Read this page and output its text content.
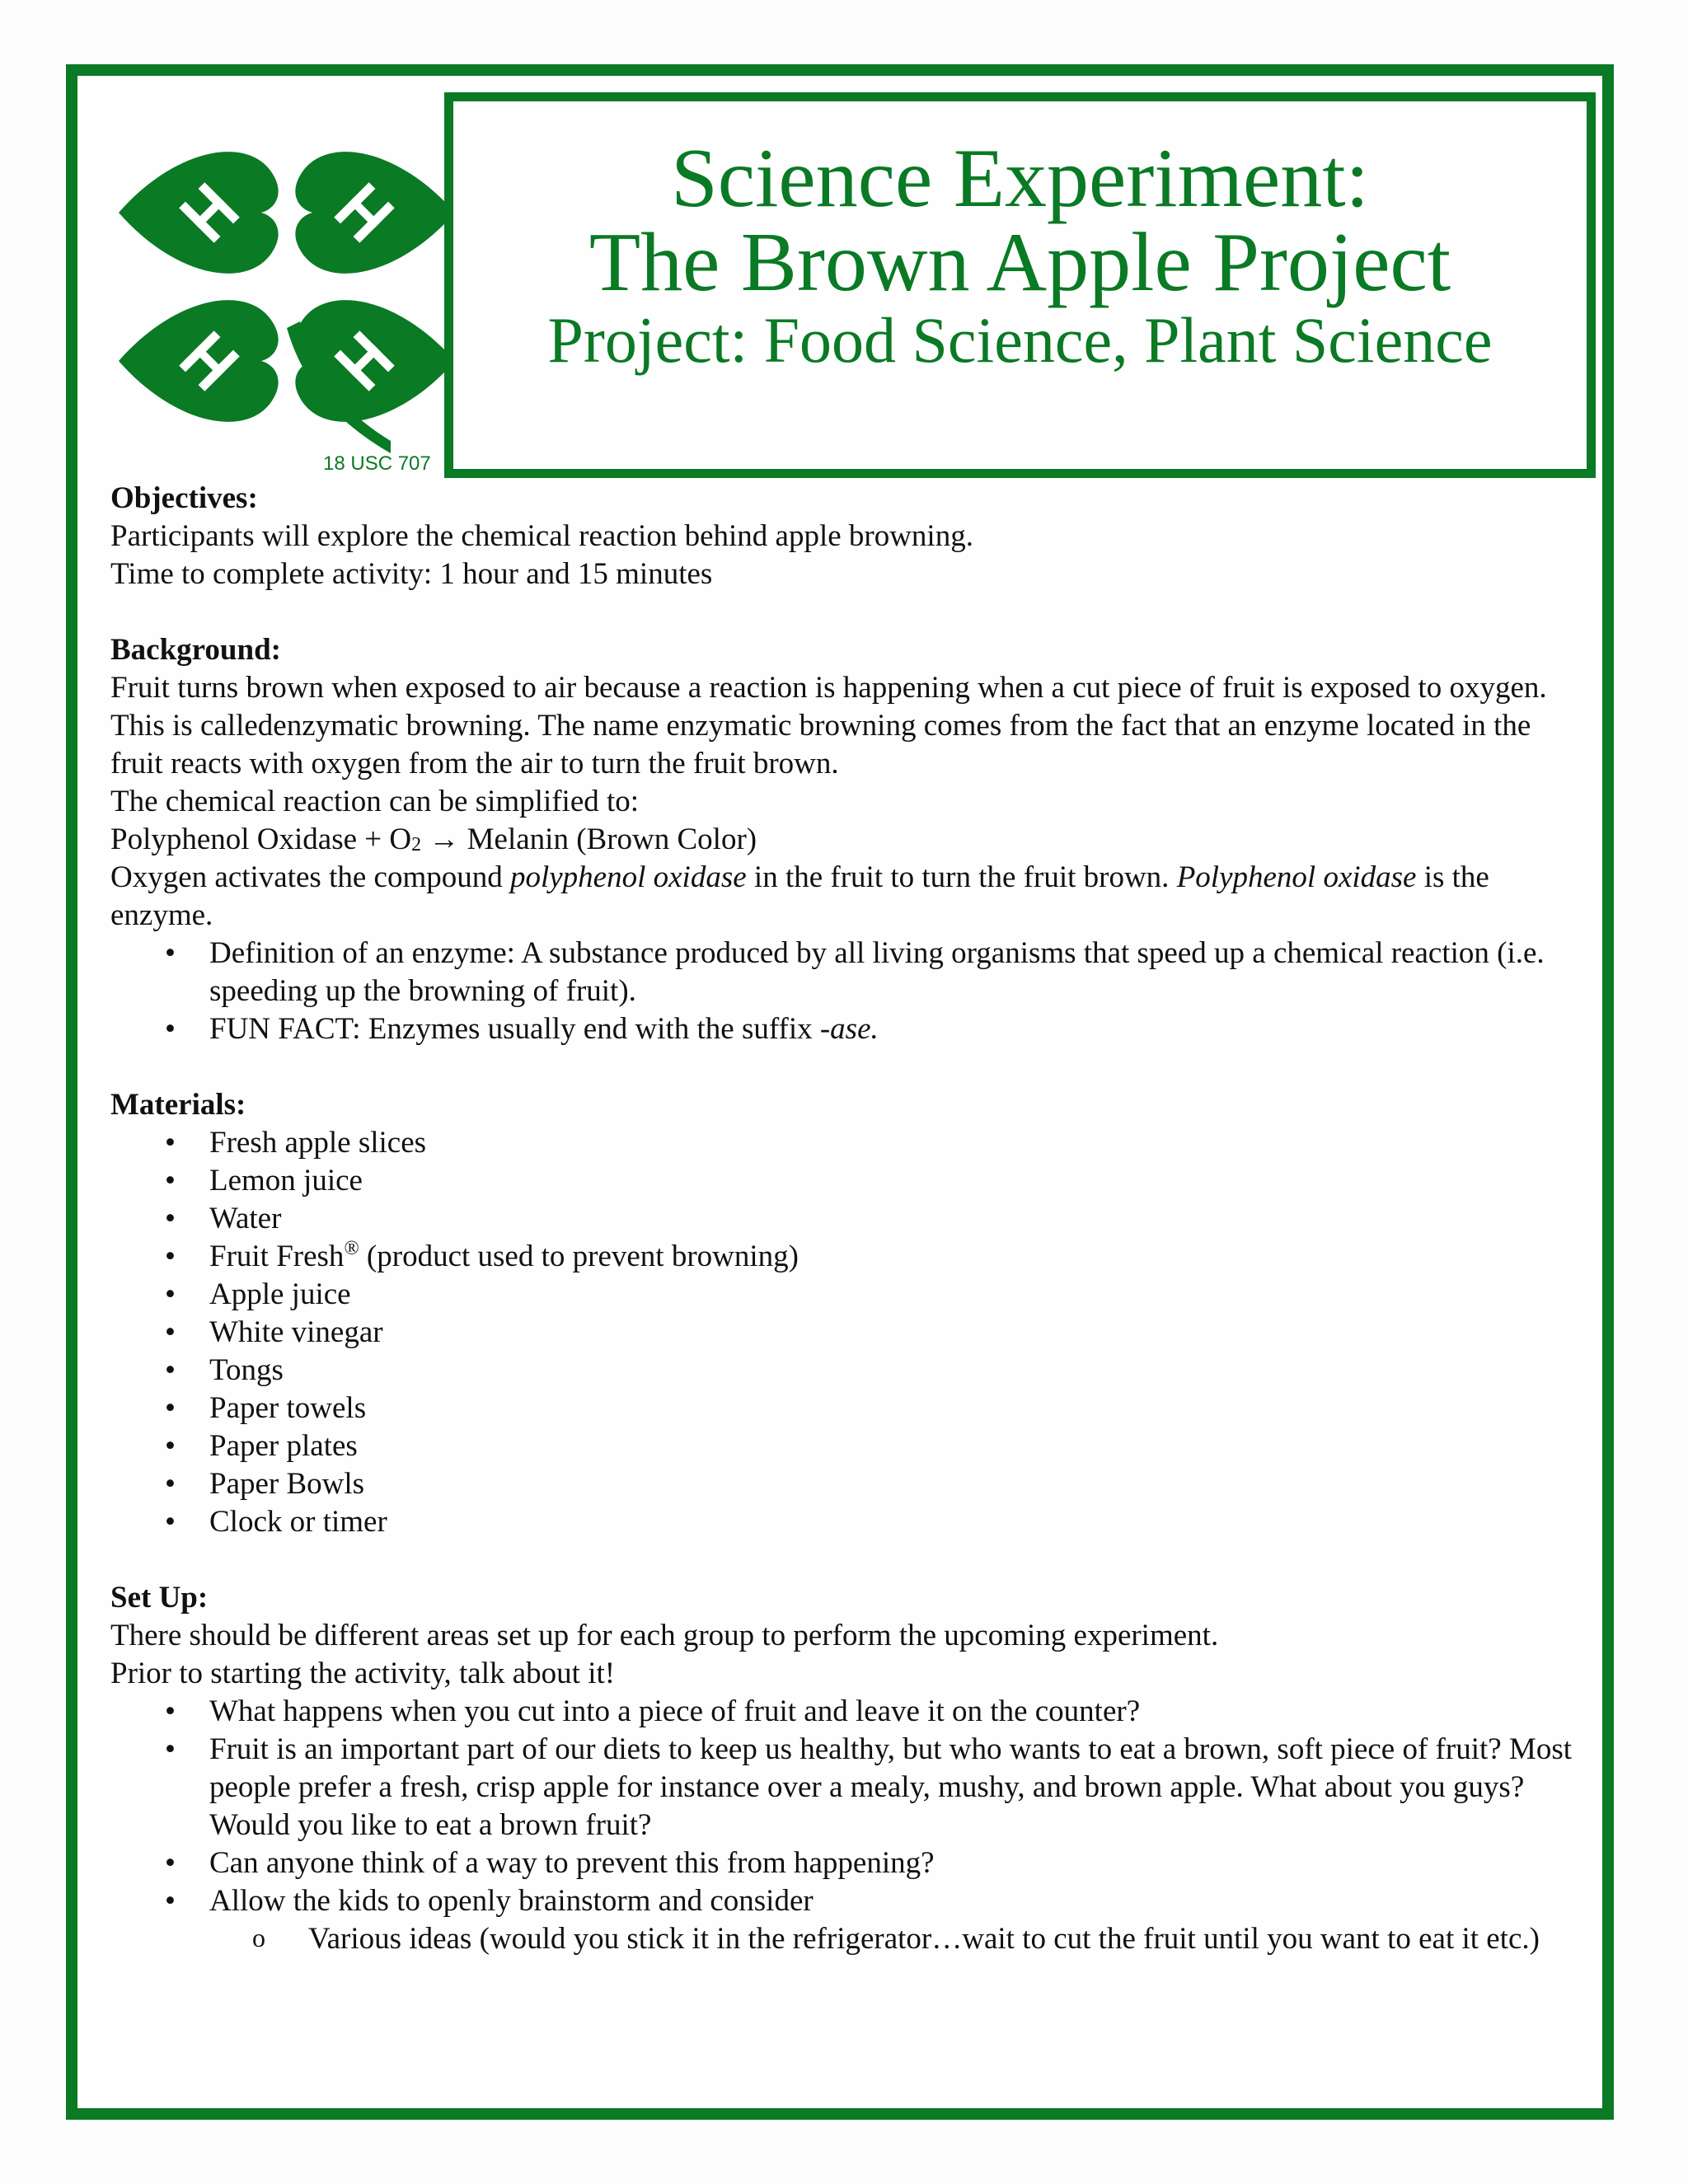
18 USC 707
Science Experiment:
The Brown Apple Project
Project: Food Science, Plant Science
Objectives:
Participants will explore the chemical reaction behind apple browning.
Time to complete activity: 1 hour and 15 minutes
Background:
Fruit turns brown when exposed to air because a reaction is happening when a cut piece of fruit is exposed to oxygen. This is calledenzymatic browning. The name enzymatic browning comes from the fact that an enzyme located in the fruit reacts with oxygen from the air to turn the fruit brown.
The chemical reaction can be simplified to:
Polyphenol Oxidase + $O_2$ → Melanin (Brown Color)
Oxygen activates the compound polyphenol oxidase in the fruit to turn the fruit brown. Polyphenol oxidase is the enzyme.
• Definition of an enzyme: A substance produced by all living organisms that speed up a chemical reaction (i.e. speeding up the browning of fruit).
• FUN FACT: Enzymes usually end with the suffix -ase.
Materials:
• Fresh apple slices
• Lemon juice
• Water
• Fruit Fresh® (product used to prevent browning)
• Apple juice
• White vinegar
• Tongs
• Paper towels
• Paper plates
• Paper Bowls
• Clock or timer
Set Up:
There should be different areas set up for each group to perform the upcoming experiment.
Prior to starting the activity, talk about it!
• What happens when you cut into a piece of fruit and leave it on the counter?
• Fruit is an important part of our diets to keep us healthy, but who wants to eat a brown, soft piece of fruit? Most people prefer a fresh, crisp apple for instance over a mealy, mushy, and brown apple. What about you guys? Would you like to eat a brown fruit?
• Can anyone think of a way to prevent this from happening?
• Allow the kids to openly brainstorm and consider
o Various ideas (would you stick it in the refrigerator…wait to cut the fruit until you want to eat it etc.)
